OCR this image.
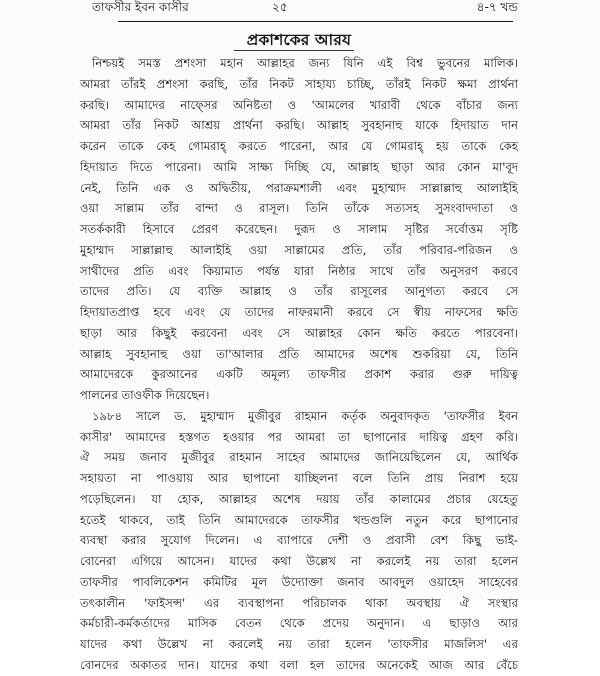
তাফসীর ইবন কাসীর	২৫	৪-৭ খন্ড
প্রকাশকের আরয
নিশ্চয়ই সমস্ত প্রশংসা মহান আল্লাহর জন্য যিনি এই বিশ্ব ভুবনের মালিক।
আমরা তাঁরই প্রশংসা করছি, তাঁর নিকট সাহায্য চাচ্ছি, তাঁরই নিকট ক্ষমা প্রার্থনা
করছি। আমাদের নাফ্সের অনিষ্টতা ও 'আমলের খারাবী থেকে বাঁচার জন্য
আমরা তাঁর নিকট আশ্রয় প্রার্থনা করছি। আল্লাহ সুবহানাহু যাকে হিদায়াত দান
করেন তাকে কেহ গোমরাহ্ করতে পারেনা, আর যে গোমরাহ্ হয় তাকে কেহ
হিদায়াত দিতে পারেনা। আমি সাক্ষ্য দিচ্ছি যে, আল্লাহ ছাড়া আর কোন মা'বূদ
নেই, তিনি এক ও অদ্বিতীয়, পরাক্রমশালী এবং মুহাম্মাদ সাল্লাল্লাহু আলাইহি
ওয়া সাল্লাম তাঁর বান্দা ও রাসূল। তিনি তাঁকে সত্যসহ সুসংবাদদাতা ও
সতর্ককারী হিসাবে প্রেরণ করেছেন। দুরূদ ও সালাম সৃষ্টির সর্বোত্তম সৃষ্টি
মুহাম্মাদ সাল্লাল্লাহু আলাইহি ওয়া সাল্লামের প্রতি, তাঁর পরিবার-পরিজন ও
সাথীদের প্রতি এবং কিয়ামাত পর্যন্ত যারা নিষ্ঠার সাথে তাঁর অনুসরণ করবে
তাদের প্রতি। যে ব্যক্তি আল্লাহ ও তাঁর রাসূলের আনুগত্য করবে সে
হিদায়াতপ্রাপ্ত হবে এবং যে তাদের নাফরমানী করবে সে স্বীয় নাফসের ক্ষতি
ছাড়া আর কিছুই করবেনা এবং সে আল্লাহর কোন ক্ষতি করতে পারবেনা।
আল্লাহ সুবহানাহু ওয়া তা'আলার প্রতি আমাদের অশেষ শুকরিয়া যে, তিনি
আমাদেরকে কুরআনের একটি অমূল্য তাফসীর প্রকাশ করার গুরু দায়িত্ব
পালনের তাওফীক দিয়েছেন।
১৯৮৪ সালে ড. মুহাম্মাদ মুজীবুর রাহমান কর্তৃক অনুবাদকৃত 'তাফসীর ইবন
কাসীর' আমাদের হস্তগত হওয়ার পর আমরা তা ছাপানোর দায়িত্ব গ্রহণ করি।
ঐ সময় জনাব মুজীবুর রাহমান সাহেব আমাদের জানিয়েছিলেন যে, আর্থিক
সহায়তা না পাওয়ায় আর ছাপানো যাচ্ছিলনা বলে তিনি প্রায় নিরাশ হয়ে
পড়েছিলেন। যা হোক, আল্লাহর অশেষ দয়ায় তাঁর কালামের প্রচার যেহেতু
হতেই থাকবে, তাই তিনি আমাদেরকে তাফসীর খন্ডগুলি নতুন করে ছাপানোর
ব্যবস্থা করার সুযোগ দিলেন। এ ব্যাপারে দেশী ও প্রবাসী বেশ কিছু ভাই-
বোনেরা এগিয়ে আসেন। যাদের কথা উল্লেখ না করলেই নয় তারা হলেন
তাফসীর পাবলিকেশন কমিটির মূল উদ্যোক্তা জনাব আবদুল ওয়াহেদ সাহেবের
তৎকালীন 'ফাইসন্স' এর ব্যবস্থাপনা পরিচালক থাকা অবস্থায় ঐ সংস্থার
কর্মচারী-কর্মকর্তাদের মাসিক বেতন থেকে প্রদেয় অনুদান। এ ছাড়াও আর
যাদের কথা উল্লেখ না করলেই নয় তারা হলেন 'তাফসীর মাজলিস' এর
বোনদের অকাতর দান। যাদের কথা বলা হল তাদের অনেকেই আজ আর বেঁচে
